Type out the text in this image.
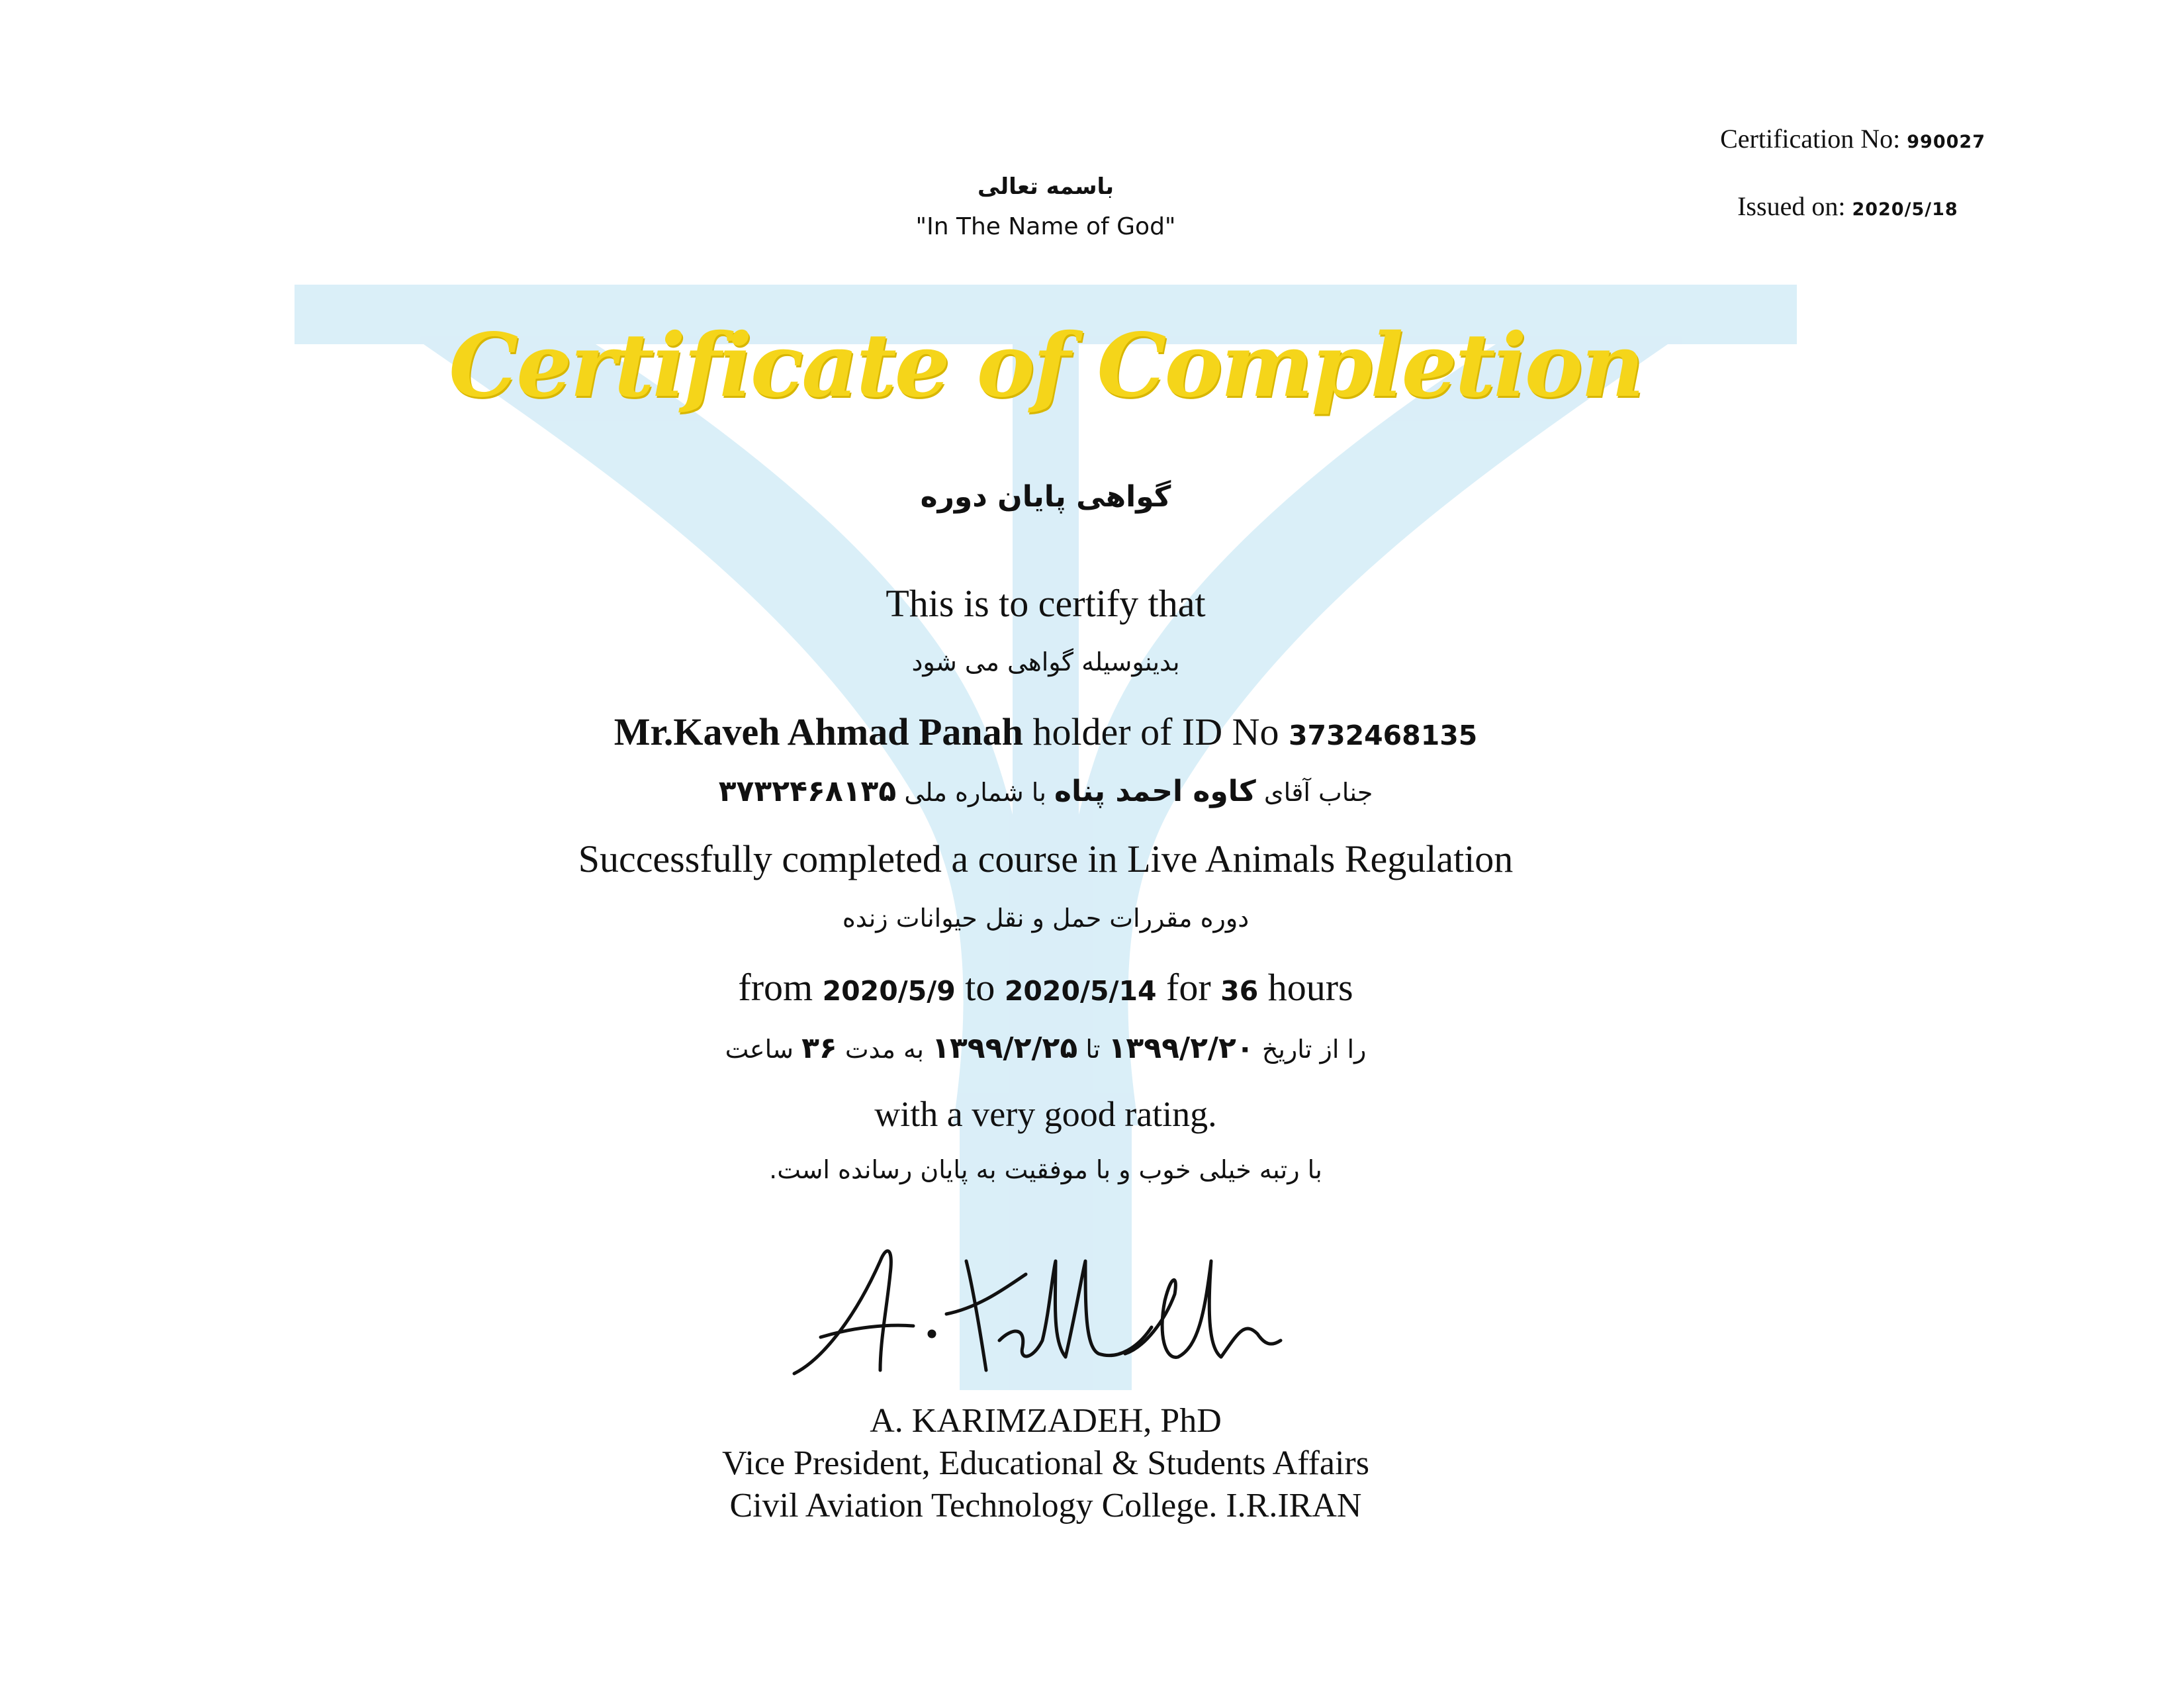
Certification No: 990027
Issued on: 2020/5/18
باسمه تعالی
"In The Name of God"
Certificate of Completion
گواهی پایان دوره
This is to certify that
بدینوسیله گواهی می شود
Mr.Kaveh Ahmad Panah holder of ID No 3732468135
جناب آقای کاوه احمد پناه با شماره ملی ۳۷۳۲۴۶۸۱۳۵
Successfully completed a course in Live Animals Regulation
دوره مقررات حمل و نقل حیوانات زنده
from 2020/5/9 to 2020/5/14 for 36 hours
را از تاریخ ۱۳۹۹/۲/۲۰ تا ۱۳۹۹/۲/۲۵ به مدت ۳۶ ساعت
with a very good rating.
با رتبه خیلی خوب و با موفقیت به پایان رسانده است.
A. KARIMZADEH, PhD
Vice President, Educational & Students Affairs
Civil Aviation Technology College. I.R.IRAN
